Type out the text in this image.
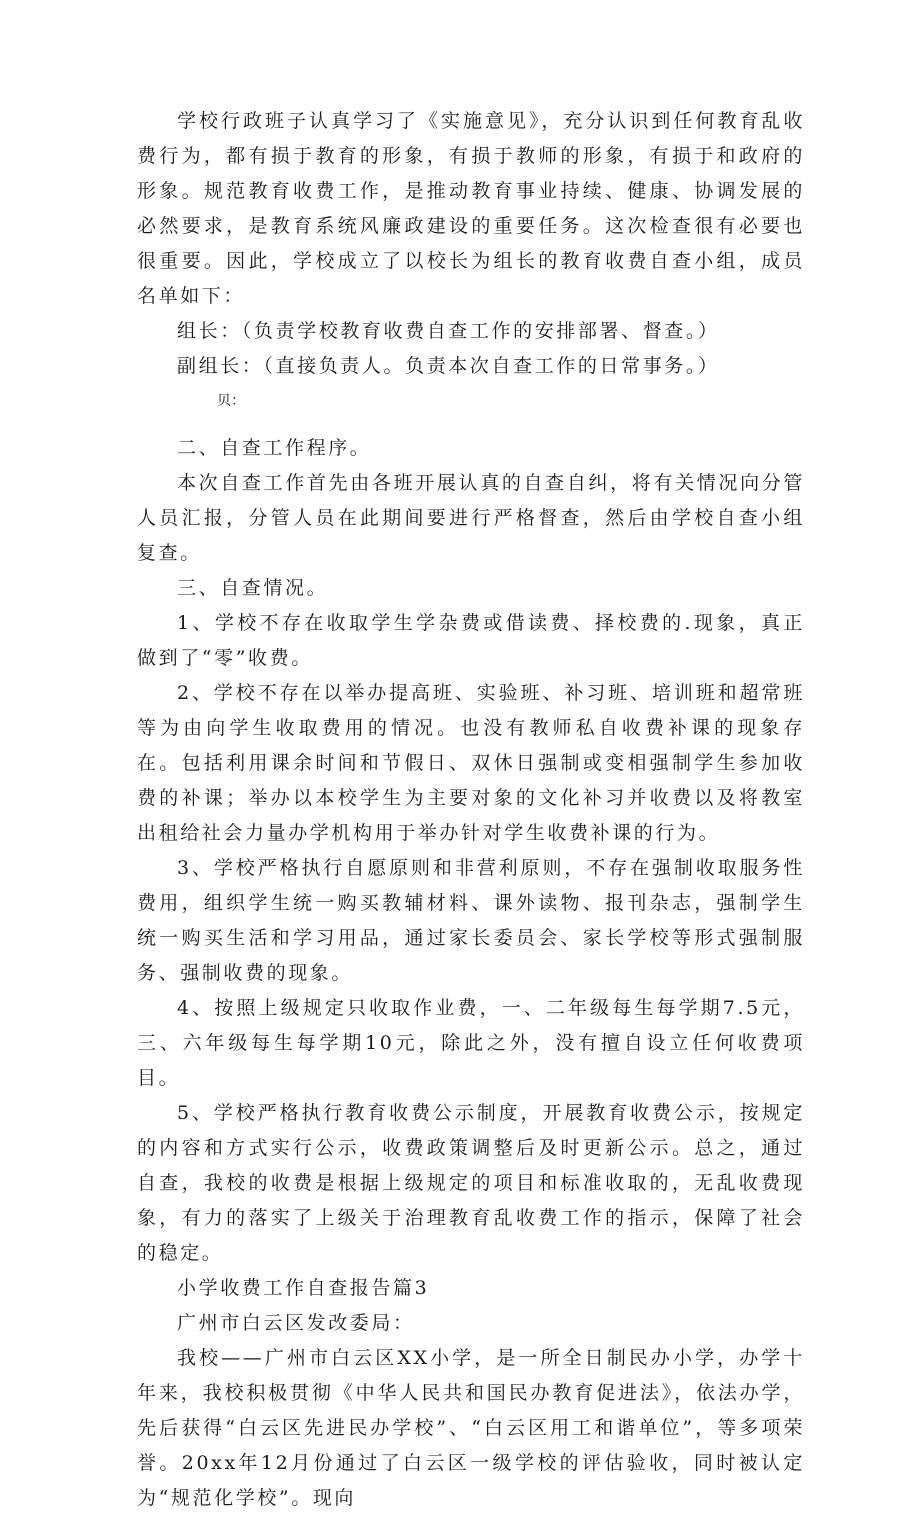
学校行政班子认真学习了《实施意见》，充分认识到任何教育乱收费行为，都有损于教育的形象，有损于教师的形象，有损于和政府的形象。规范教育收费工作，是推动教育事业持续、健康、协调发展的必然要求，是教育系统风廉政建设的重要任务。这次检查很有必要也很重要。因此，学校成立了以校长为组长的教育收费自查小组，成员名单如下：

组长：（负责学校教育收费自查工作的安排部署、督查。）

副组长：（直接负责人。负责本次自查工作的日常事务。）

贝：

二、自查工作程序。

本次自查工作首先由各班开展认真的自查自纠，将有关情况向分管人员汇报，分管人员在此期间要进行严格督查，然后由学校自查小组复查。

三、自查情况。

1、学校不存在收取学生学杂费或借读费、择校费的.现象，真正做到了“零”收费。

2、学校不存在以举办提高班、实验班、补习班、培训班和超常班等为由向学生收取费用的情况。也没有教师私自收费补课的现象存在。包括利用课余时间和节假日、双休日强制或变相强制学生参加收费的补课；举办以本校学生为主要对象的文化补习并收费以及将教室出租给社会力量办学机构用于举办针对学生收费补课的行为。

3、学校严格执行自愿原则和非营利原则，不存在强制收取服务性费用，组织学生统一购买教辅材料、课外读物、报刊杂志，强制学生统一购买生活和学习用品，通过家长委员会、家长学校等形式强制服务、强制收费的现象。

4、按照上级规定只收取作业费，一、二年级每生每学期7.5元，三、六年级每生每学期10元，除此之外，没有擅自设立任何收费项目。

5、学校严格执行教育收费公示制度，开展教育收费公示，按规定的内容和方式实行公示，收费政策调整后及时更新公示。总之，通过自查，我校的收费是根据上级规定的项目和标准收取的，无乱收费现象，有力的落实了上级关于治理教育乱收费工作的指示，保障了社会的稳定。

小学收费工作自查报告篇3

广州市白云区发改委局：

我校——广州市白云区XX小学，是一所全日制民办小学，办学十年来，我校积极贯彻《中华人民共和国民办教育促进法》，依法办学，先后获得“白云区先进民办学校”、“白云区用工和谐单位”，等多项荣誉。20xx年12月份通过了白云区一级学校的评估验收，同时被认定为“规范化学校”。现向
